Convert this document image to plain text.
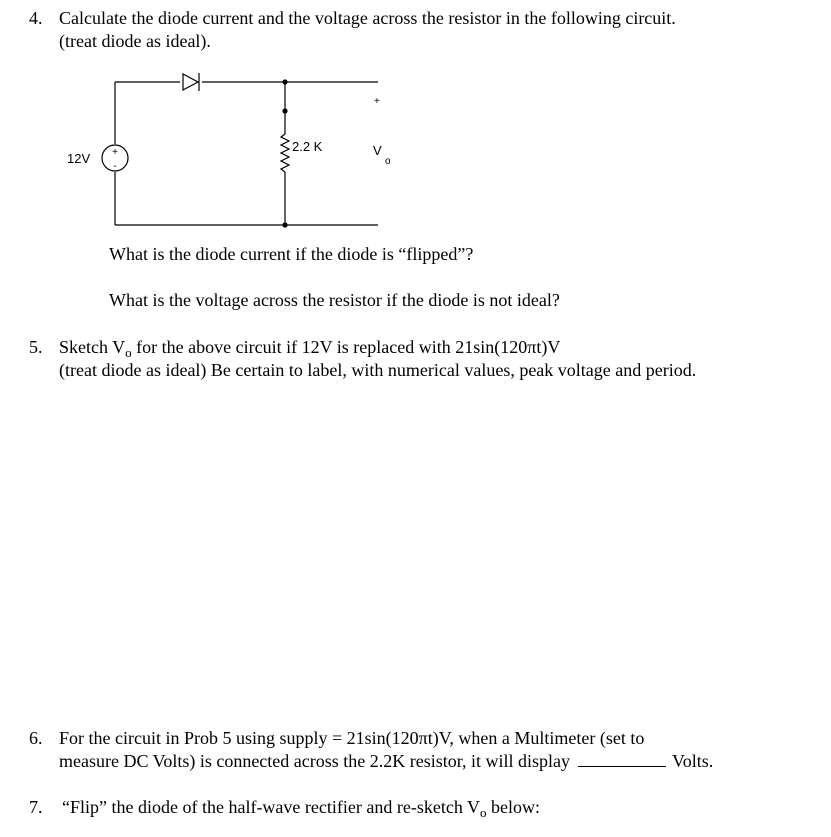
4. Calculate the diode current and the voltage across the resistor in the following circuit.
(treat diode as ideal).
+
-
12V
2.2 K
+
V
o
What is the diode current if the diode is “flipped”?
What is the voltage across the resistor if the diode is not ideal?
5. Sketch $V_o$ for the above circuit if 12V is replaced with 21sin(120πt)V
(treat diode as ideal) Be certain to label, with numerical values, peak voltage and period.
6. For the circuit in Prob 5 using supply = 21sin(120πt)V, when a Multimeter (set to
measure DC Volts) is connected across the 2.2K resistor, it will display	Volts.
7. “Flip” the diode of the half-wave rectifier and re-sketch $V_o$ below:
